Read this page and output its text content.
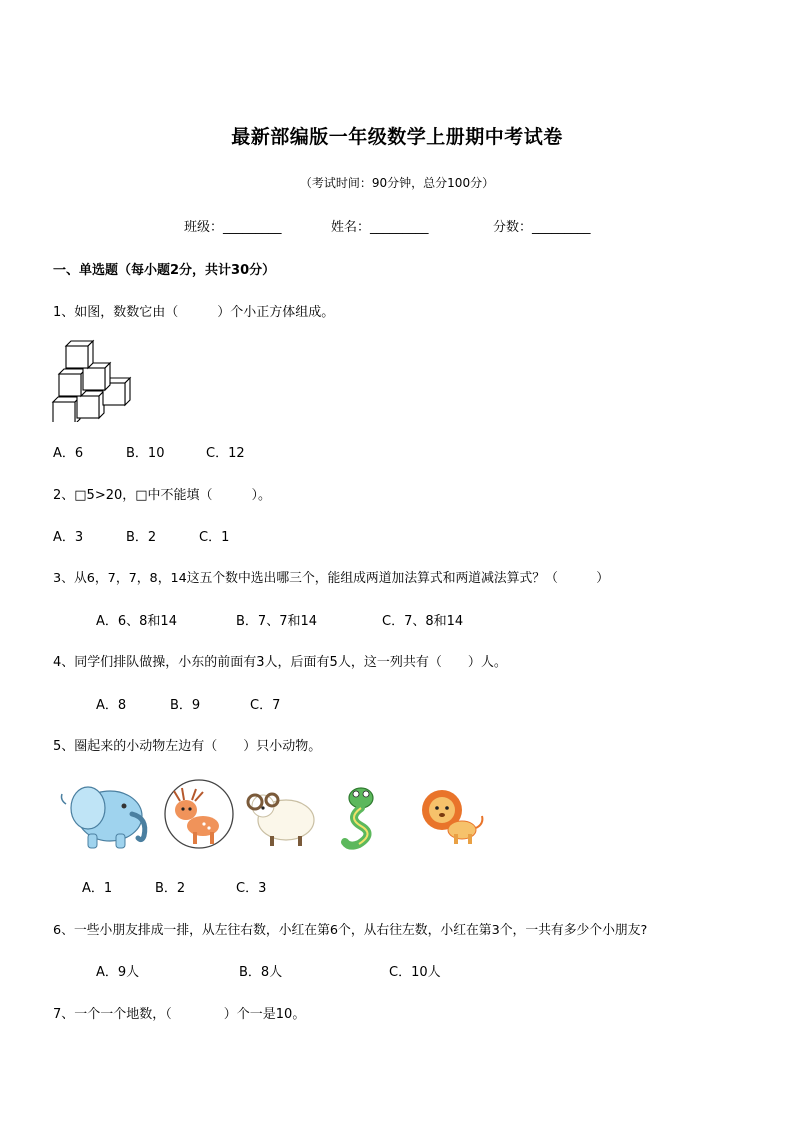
最新部编版一年级数学上册期中考试卷
（考试时间：90分钟，总分100分）
班级：_________	姓名：_________	分数：_________
一、单选题（每小题2分，共计30分）
1、如图，数数它由（　　　）个小正方体组成。
A．6	B．10	C．12
2、□5>20，□中不能填（　　　）。
A．3	B．2	C．1
3、从6，7，7，8，14这五个数中选出哪三个，能组成两道加法算式和两道减法算式？（　　　）
A．6、8和14	B．7、7和14	C．7、8和14
4、同学们排队做操，小东的前面有3人，后面有5人，这一列共有（　　）人。
A．8	B．9	C．7
5、圈起来的小动物左边有（　　）只小动物。
A．1	B．2	C．3
6、一些小朋友排成一排，从左往右数，小红在第6个，从右往左数，小红在第3个，一共有多少个小朋友?
A．9人	B．8人	C．10人
7、一个一个地数，（　　　　）个一是10。
